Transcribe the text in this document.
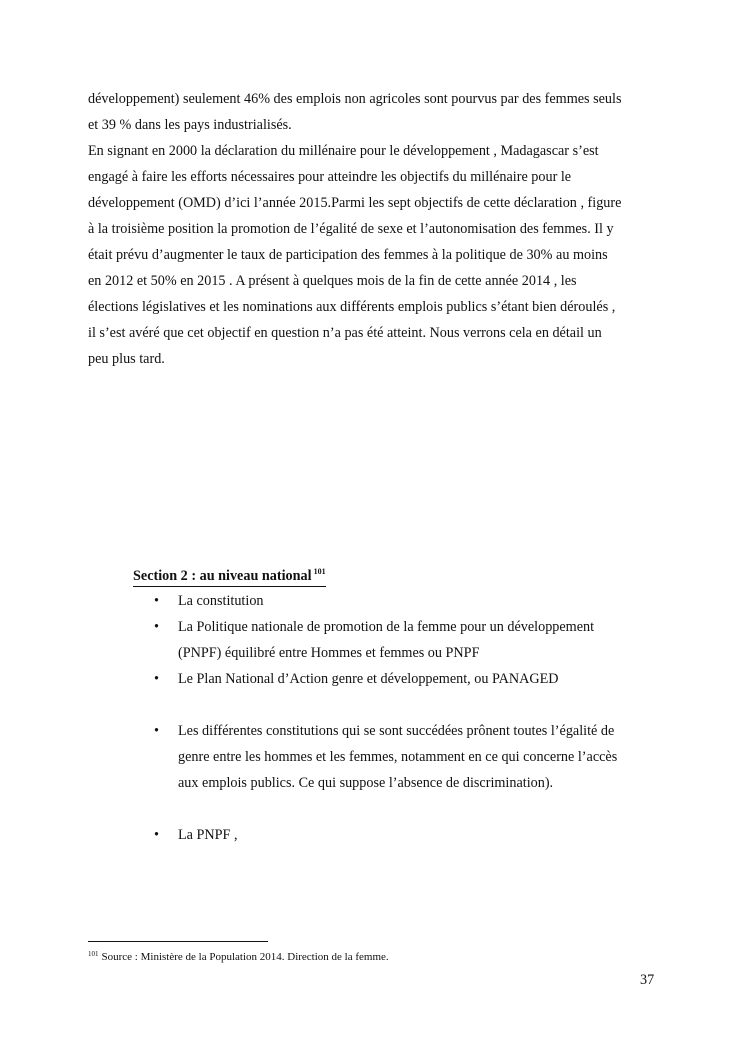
développement) seulement 46% des emplois non agricoles sont pourvus par des femmes seuls

et 39 % dans les pays industrialisés.

En signant en 2000 la déclaration du millénaire pour le développement , Madagascar s’est

engagé à faire les efforts nécessaires pour atteindre les objectifs du millénaire pour le

développement (OMD) d’ici l’année 2015.Parmi les sept objectifs de cette déclaration , figure

à la troisième position la promotion de l’égalité de sexe et l’autonomisation des femmes. Il y

était prévu d’augmenter le taux de participation des femmes à la politique de 30% au moins

en 2012 et 50% en 2015 . A présent à quelques mois de la fin de cette année 2014 , les

élections législatives et les nominations aux différents emplois publics s’étant bien déroulés ,

il s’est avéré que cet objectif en question n’a pas été atteint. Nous verrons cela en détail un

peu plus tard.

Section 2 : au niveau national $^{101}$
• La constitution
• La Politique nationale de promotion de la femme pour un développement
(PNPF) équilibré entre Hommes et femmes ou PNPF
• Le Plan National d’Action genre et développement, ou PANAGED
• Les différentes constitutions qui se sont succédées prônent toutes l’égalité de
genre entre les hommes et les femmes, notamment en ce qui concerne l’accès
aux emplois publics. Ce qui suppose l’absence de discrimination).
• La PNPF ,
$^{101}$ Source : Ministère de la Population 2014. Direction de la femme.
37
